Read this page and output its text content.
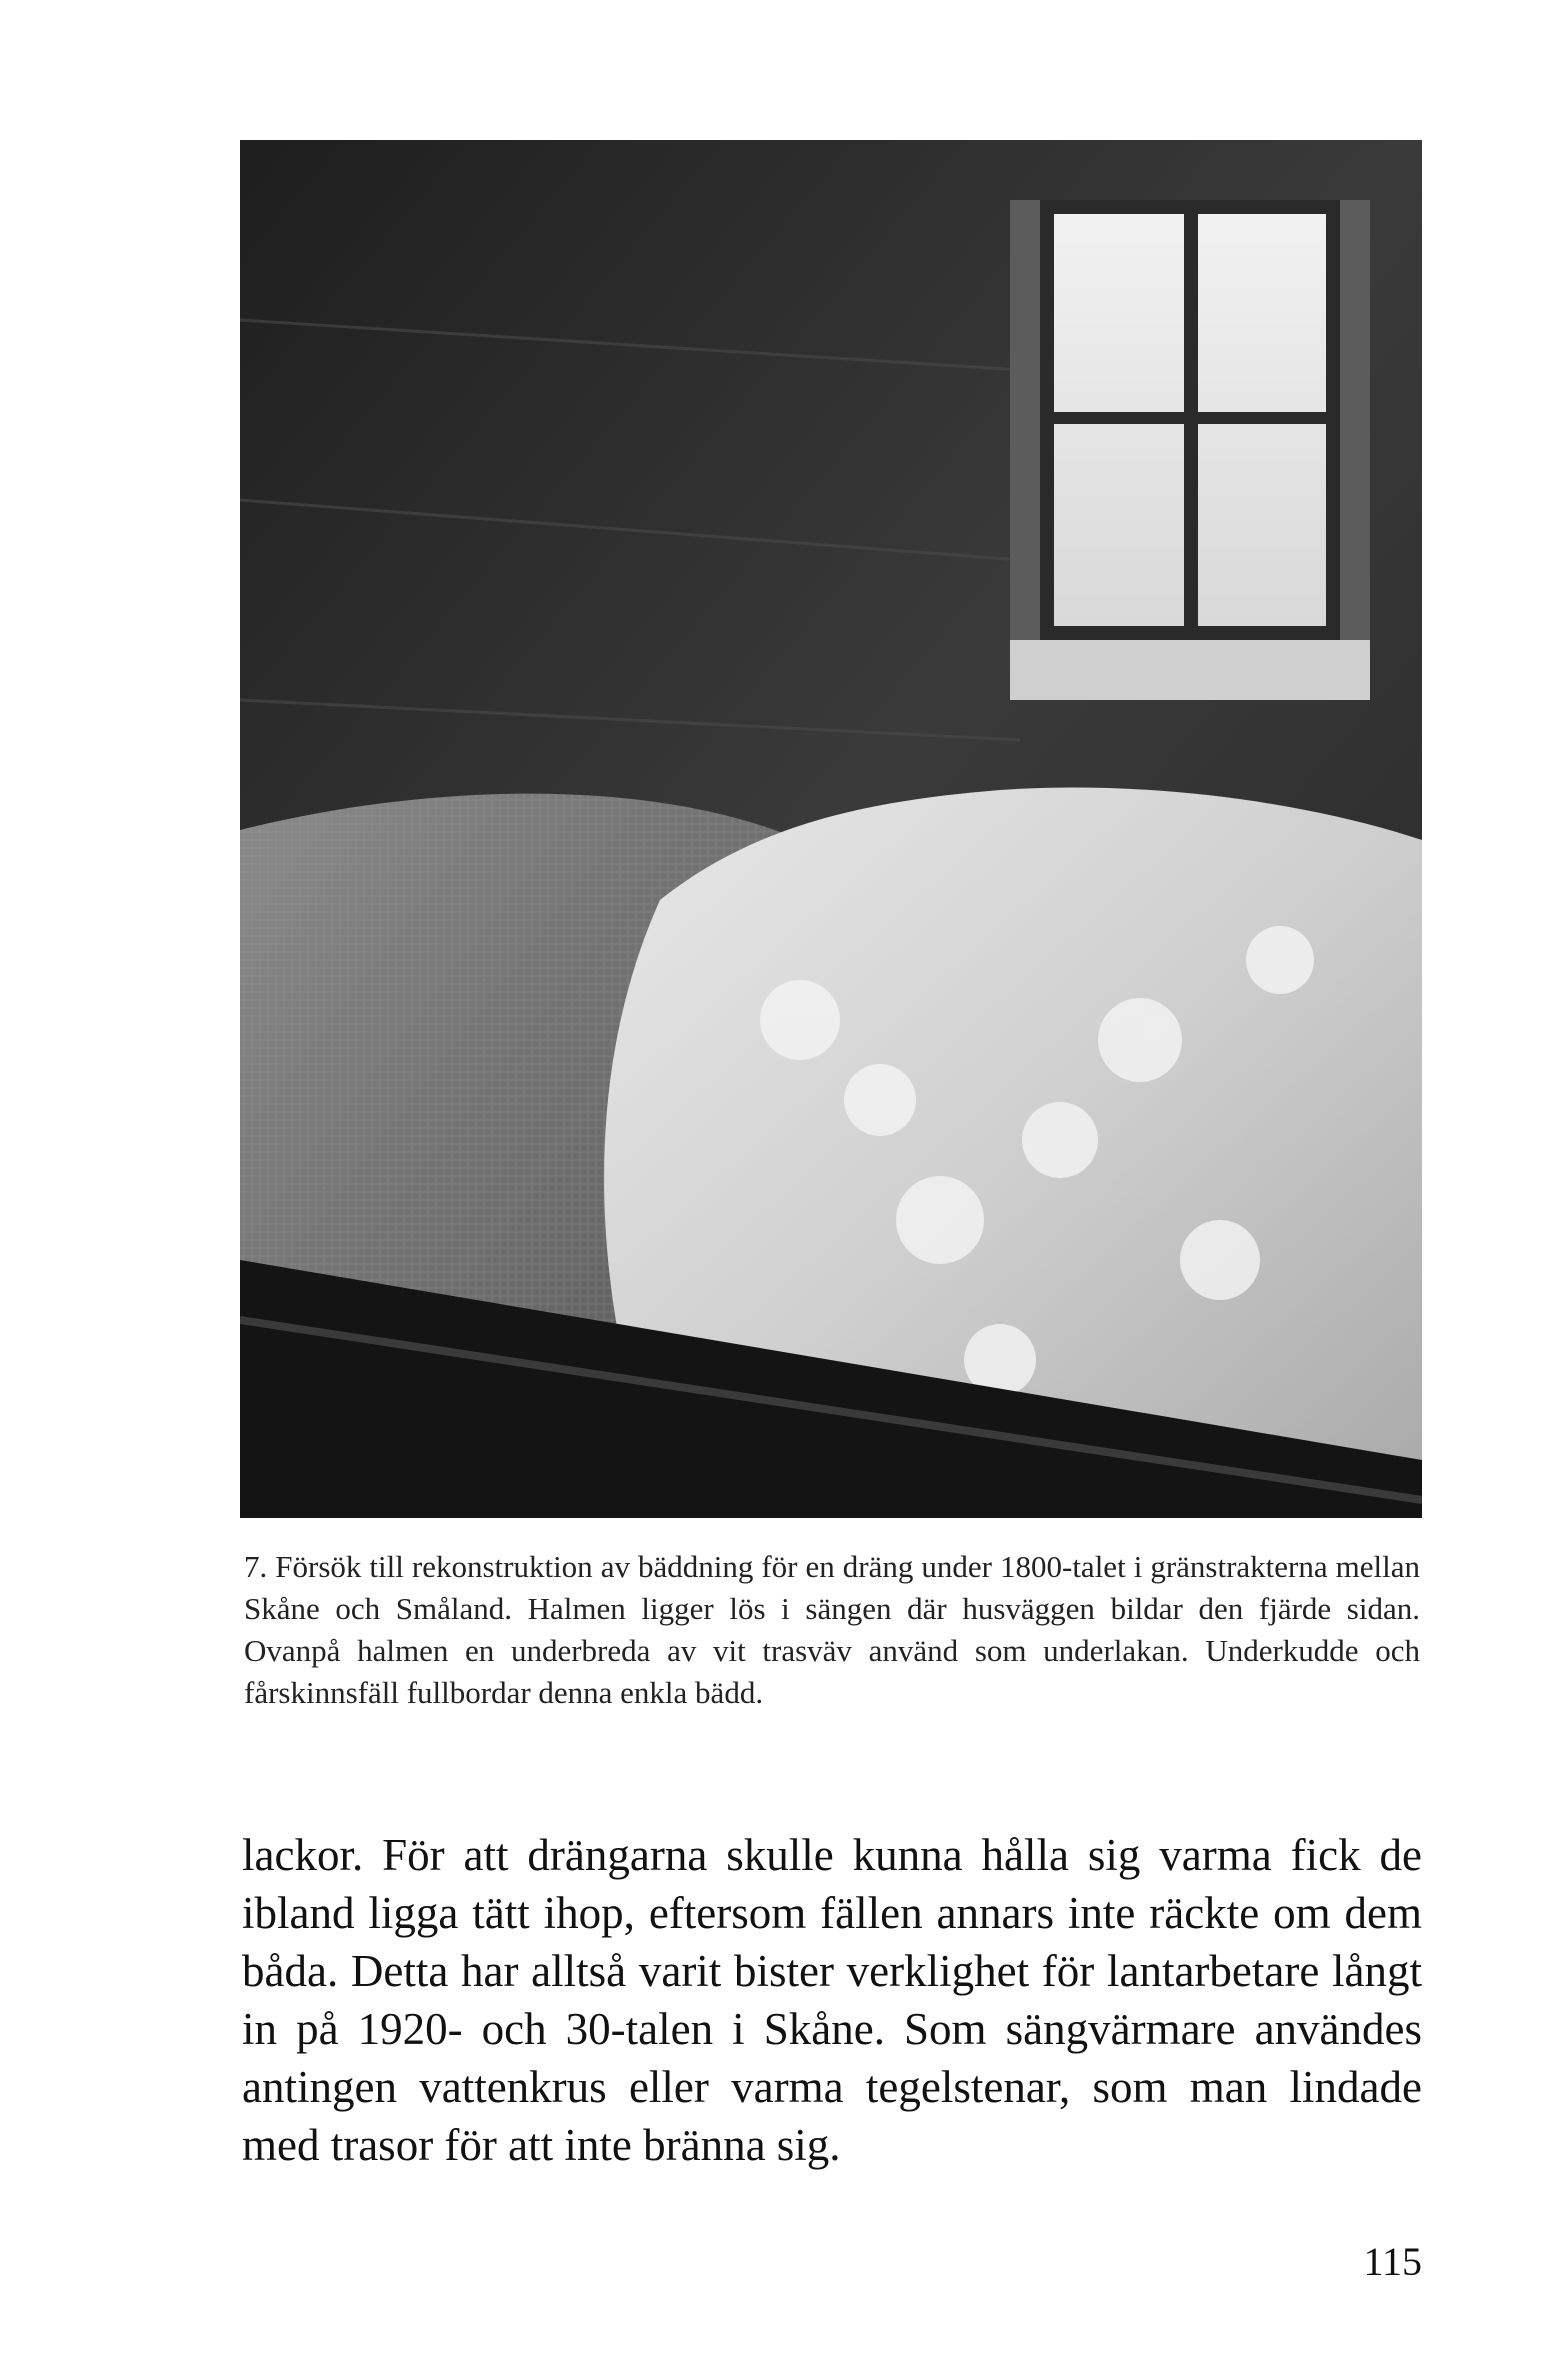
7. Försök till rekonstruktion av bäddning för en dräng under 1800-talet i gränstrakterna mellan Skåne och Småland. Halmen ligger lös i sängen där husväggen bildar den fjärde sidan. Ovanpå halmen en underbreda av vit trasväv använd som underlakan. Underkudde och fårskinnsfäll fullbordar denna enkla bädd.
lackor. För att drängarna skulle kunna hålla sig varma fick de ibland ligga tätt ihop, eftersom fällen annars inte räckte om dem båda. Detta har alltså varit bister verklighet för lantarbetare långt in på 1920- och 30-talen i Skåne. Som sängvärmare användes antingen vattenkrus eller varma tegelstenar, som man lindade med trasor för att inte bränna sig.
115
